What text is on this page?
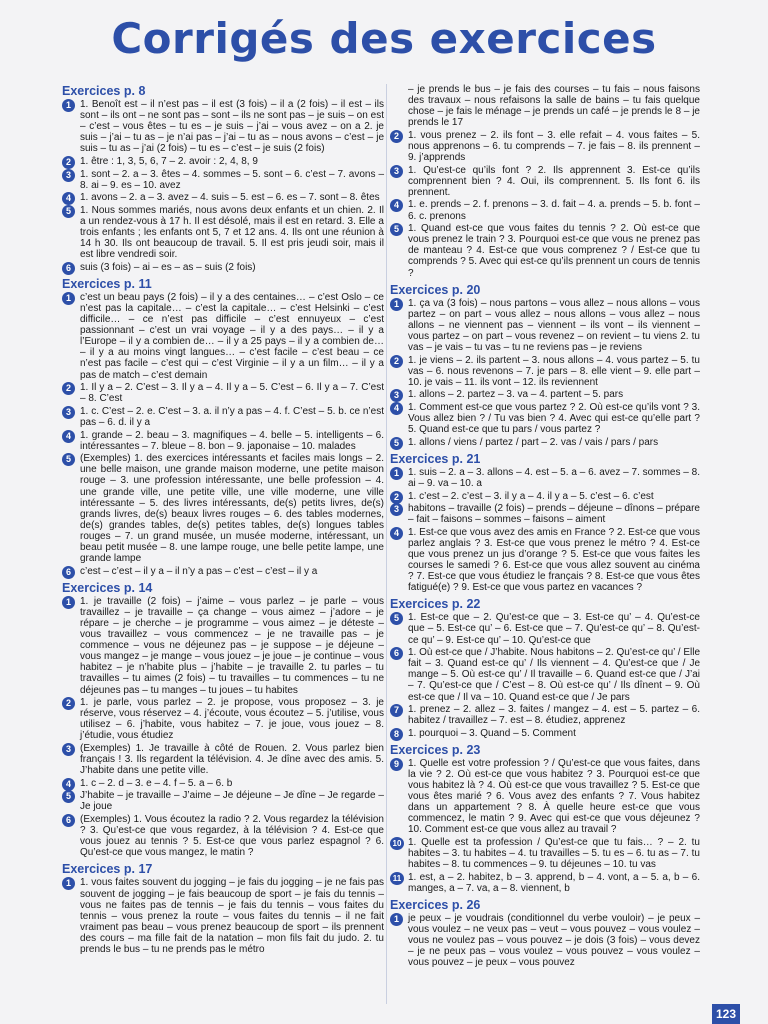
Corrigés des exercices
Exercices p. 8
1 1. Benoît est – il n’est pas – il est (3 fois) – il a (2 fois) – il est – ils sont – ils ont – ne sont pas – sont – ils ne sont pas – je suis – on est – c’est – vous êtes – tu es – je suis – j’ai – vous avez – on a 2. je suis – j’ai – tu as – je n’ai pas – j’ai – tu as – nous avons – c’est – je suis – tu as – j’ai (2 fois) – tu es – c’est – je suis (2 fois)
2 1. être : 1, 3, 5, 6, 7 – 2. avoir : 2, 4, 8, 9
3 1. sont – 2. a – 3. êtes – 4. sommes – 5. sont – 6. c’est – 7. avons – 8. ai – 9. es – 10. avez
4 1. avons – 2. a – 3. avez – 4. suis – 5. est – 6. es – 7. sont – 8. êtes
5 1. Nous sommes mariés, nous avons deux enfants et un chien. 2. Il a un rendez-vous à 17 h. Il est désolé, mais il est en retard. 3. Elle a trois enfants ; les enfants ont 5, 7 et 12 ans. 4. Ils ont une réunion à 14 h 30. Ils ont beaucoup de travail. 5. Il est pris jeudi soir, mais il est libre vendredi soir.
6 suis (3 fois) – ai – es – as – suis (2 fois)
Exercices p. 11
1 c’est un beau pays (2 fois) – il y a des centaines… – c’est Oslo – ce n’est pas la capitale… – c’est la capitale… – c’est Helsinki – c’est difficile… – ce n’est pas difficile – c’est ennuyeux – c’est passionnant – c’est un vrai voyage – il y a des pays… – il y a l’Europe – il y a combien de… – il y a 25 pays – il y a combien de… – il y a au moins vingt langues… – c’est facile – c’est beau – ce n’est pas facile – c’est qui – c’est Virginie – il y a un film… – il y a pas de match – c’est demain
2 1. Il y a – 2. C’est – 3. Il y a – 4. Il y a – 5. C’est – 6. Il y a – 7. C’est – 8. C’est
3 1. c. C’est – 2. e. C’est – 3. a. il n’y a pas – 4. f. C’est – 5. b. ce n’est pas – 6. d. il y a
4 1. grande – 2. beau – 3. magnifiques – 4. belle – 5. intelligents – 6. intéressantes – 7. bleue – 8. bon – 9. japonaise – 10. malades
5 (Exemples) 1. des exercices intéressants et faciles mais longs – 2. une belle maison, une grande maison moderne, une petite maison rouge – 3. une profession intéressante, une belle profession – 4. une grande ville, une petite ville, une ville moderne, une ville intéressante – 5. des livres intéressants, de(s) petits livres, de(s) grands livres, de(s) beaux livres rouges – 6. des tables modernes, de(s) grandes tables, de(s) petites tables, de(s) longues tables rouges – 7. un grand musée, un musée moderne, intéressant, un beau petit musée – 8. une lampe rouge, une belle petite lampe, une grande lampe
6 c’est – c’est – il y a – il n’y a pas – c’est – c’est – il y a
Exercices p. 14
1 1. je travaille (2 fois) – j’aime – vous parlez – je parle – vous travaillez – je travaille – ça change – vous aimez – j’adore – je répare – je cherche – je programme – vous aimez – je déteste – vous travaillez – vous commencez – je ne travaille pas – je commence – vous ne déjeunez pas – je suppose – je déjeune – vous mangez – je mange – vous jouez – je joue – je continue – vous habitez – je n’habite plus – j’habite – je travaille 2. tu parles – tu travailles – tu aimes (2 fois) – tu travailles – tu commences – tu ne déjeunes pas – tu manges – tu joues – tu habites
2 1. je parle, vous parlez – 2. je propose, vous proposez – 3. je réserve, vous réservez – 4. j’écoute, vous écoutez – 5. j’utilise, vous utilisez – 6. j’habite, vous habitez – 7. je joue, vous jouez – 8. j’étudie, vous étudiez
3 (Exemples) 1. Je travaille à côté de Rouen. 2. Vous parlez bien français ! 3. Ils regardent la télévision. 4. Je dîne avec des amis. 5. J’habite dans une petite ville.
4 1. c – 2. d – 3. e – 4. f – 5. a – 6. b
5 J’habite – je travaille – J’aime – Je déjeune – Je dîne – Je regarde – Je joue
6 (Exemples) 1. Vous écoutez la radio ? 2. Vous regardez la télévision ? 3. Qu’est-ce que vous regardez, à la télévision ? 4. Est-ce que vous jouez au tennis ? 5. Est-ce que vous parlez espagnol ? 6. Qu’est-ce que vous mangez, le matin ?
Exercices p. 17
1 1. vous faites souvent du jogging – je fais du jogging – je ne fais pas souvent de jogging – je fais beaucoup de sport – je fais du tennis – vous ne faites pas de tennis – je fais du tennis – vous faites du tennis – vous prenez la route – vous faites du tennis – il ne fait vraiment pas beau – vous prenez beaucoup de sport – ils prennent des cours – ma fille fait de la natation – mon fils fait du judo. 2. tu prends le bus – tu ne prends pas le métro
– je prends le bus – je fais des courses – tu fais – nous faisons des travaux – nous refaisons la salle de bains – tu fais quelque chose – je fais le ménage – je prends un café – je prends le 8 – je prends le 17
2 1. vous prenez – 2. ils font – 3. elle refait – 4. vous faites – 5. nous apprenons – 6. tu comprends – 7. je fais – 8. ils prennent – 9. j’apprends
3 1. Qu’est-ce qu’ils font ? 2. Ils apprennent 3. Est-ce qu’ils comprennent bien ? 4. Oui, ils comprennent. 5. Ils font 6. ils prennent.
4 1. e. prends – 2. f. prenons – 3. d. fait – 4. a. prends – 5. b. font – 6. c. prenons
5 1. Quand est-ce que vous faites du tennis ? 2. Où est-ce que vous prenez le train ? 3. Pourquoi est-ce que vous ne prenez pas de manteau ? 4. Est-ce que vous comprenez ? / Est-ce que tu comprends ? 5. Avec qui est-ce qu’ils prennent un cours de tennis ?
Exercices p. 20
1 1. ça va (3 fois) – nous partons – vous allez – nous allons – vous partez – on part – vous allez – nous allons – vous allez – nous allons – ne viennent pas – viennent – ils vont – ils viennent – vous partez – on part – vous revenez – on revient – tu viens 2. tu vas – je vais – tu vas – tu ne reviens pas – je reviens
2 1. je viens – 2. ils partent – 3. nous allons – 4. vous partez – 5. tu vas – 6. nous revenons – 7. je pars – 8. elle vient – 9. elle part – 10. je vais – 11. ils vont – 12. ils reviennent
3 1. allons – 2. partez – 3. va – 4. partent – 5. pars
4 1. Comment est-ce que vous partez ? 2. Où est-ce qu’ils vont ? 3. Vous allez bien ? / Tu vas bien ? 4. Avec qui est-ce qu’elle part ? 5. Quand est-ce que tu pars / vous partez ?
5 1. allons / viens / partez / part – 2. vas / vais / pars / pars
Exercices p. 21
1 1. suis – 2. a – 3. allons – 4. est – 5. a – 6. avez – 7. sommes – 8. ai – 9. va – 10. a
2 1. c’est – 2. c’est – 3. il y a – 4. il y a – 5. c’est – 6. c’est
3 habitons – travaille (2 fois) – prends – déjeune – dînons – prépare – fait – faisons – sommes – faisons – aiment
4 1. Est-ce que vous avez des amis en France ? 2. Est-ce que vous parlez anglais ? 3. Est-ce que vous prenez le métro ? 4. Est-ce que vous prenez un jus d’orange ? 5. Est-ce que vous faites les courses le samedi ? 6. Est-ce que vous allez souvent au cinéma ? 7. Est-ce que vous étudiez le français ? 8. Est-ce que vous êtes fatigué(e) ? 9. Est-ce que vous partez en vacances ?
Exercices p. 22
5 1. Est-ce que – 2. Qu’est-ce que – 3. Est-ce qu’ – 4. Qu’est-ce que – 5. Est-ce qu’ – 6. Est-ce que – 7. Qu’est-ce qu’ – 8. Qu’est-ce qu’ – 9. Est-ce qu’ – 10. Qu’est-ce que
6 1. Où est-ce que / J’habite. Nous habitons – 2. Qu’est-ce qu’ / Elle fait – 3. Quand est-ce qu’ / Ils viennent – 4. Qu’est-ce que / Je mange – 5. Où est-ce qu’ / Il travaille – 6. Quand est-ce que / J’ai – 7. Qu’est-ce que / C’est – 8. Où est-ce qu’ / Ils dînent – 9. Où est-ce que / Il va – 10. Quand est-ce que / Je pars
7 1. prenez – 2. allez – 3. faites / mangez – 4. est – 5. partez – 6. habitez / travaillez – 7. est – 8. étudiez, apprenez
8 1. pourquoi – 3. Quand – 5. Comment
Exercices p. 23
9 1. Quelle est votre profession ? / Qu’est-ce que vous faites, dans la vie ? 2. Où est-ce que vous habitez ? 3. Pourquoi est-ce que vous habitez là ? 4. Où est-ce que vous travaillez ? 5. Est-ce que vous êtes marié ? 6. Vous avez des enfants ? 7. Vous habitez dans un appartement ? 8. À quelle heure est-ce que vous commencez, le matin ? 9. Avec qui est-ce que vous déjeunez ? 10. Comment est-ce que vous allez au travail ?
10 1. Quelle est ta profession / Qu’est-ce que tu fais… ? – 2. tu habites – 3. tu habites – 4. tu travailles – 5. tu es – 6. tu as – 7. tu habites – 8. tu commences – 9. tu déjeunes – 10. tu vas
11 1. est, a – 2. habitez, b – 3. apprend, b – 4. vont, a – 5. a, b – 6. manges, a – 7. va, a – 8. viennent, b
Exercices p. 26
1 je peux – je voudrais (conditionnel du verbe vouloir) – je peux – vous voulez – ne veux pas – veut – vous pouvez – vous voulez – vous ne voulez pas – vous pouvez – je dois (3 fois) – vous devez – je ne peux pas – vous voulez – vous pouvez – vous voulez – vous pouvez – je peux – vous pouvez
123
